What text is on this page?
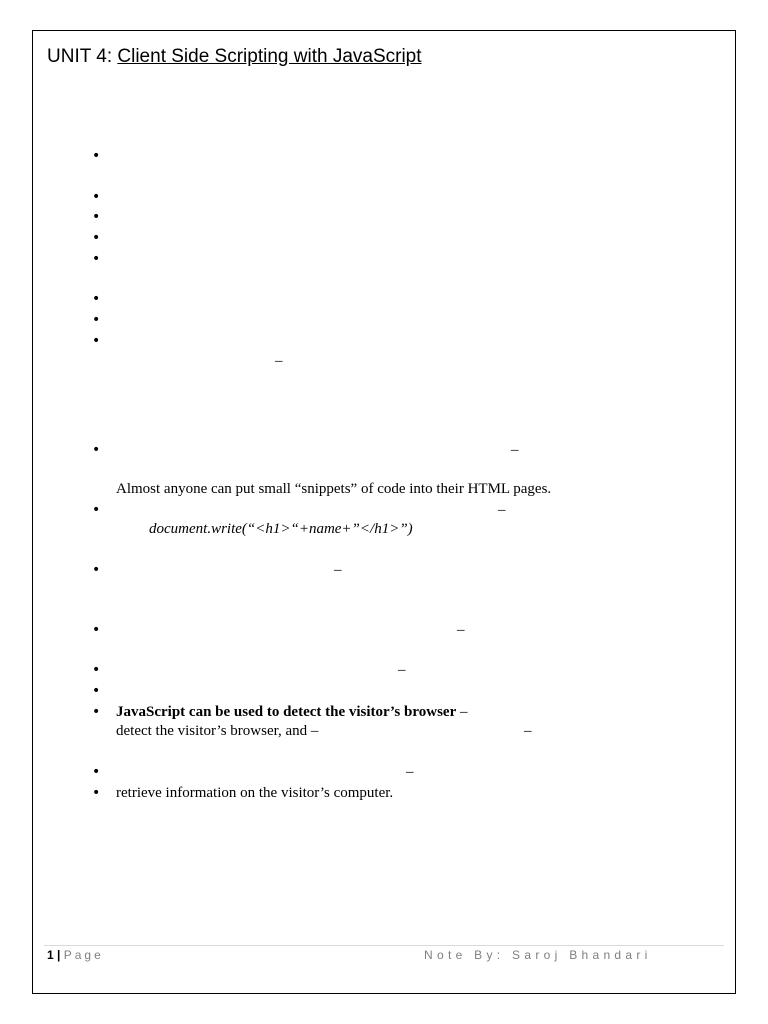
UNIT 4: Client Side Scripting with JavaScript
•
•
•
•
•
•
•
•
–
•
–
Almost anyone can put small “snippets” of code into their HTML pages.
•
–
document.write(“<h1>“+name+”</h1>”)
•
–
•
–
•
–
•
•
JavaScript can be used to detect the visitor’s browser –
detect the visitor’s browser, and –	–
•
–
•
retrieve information on the visitor’s computer.
1 | Page	Note By: Saroj Bhandari
